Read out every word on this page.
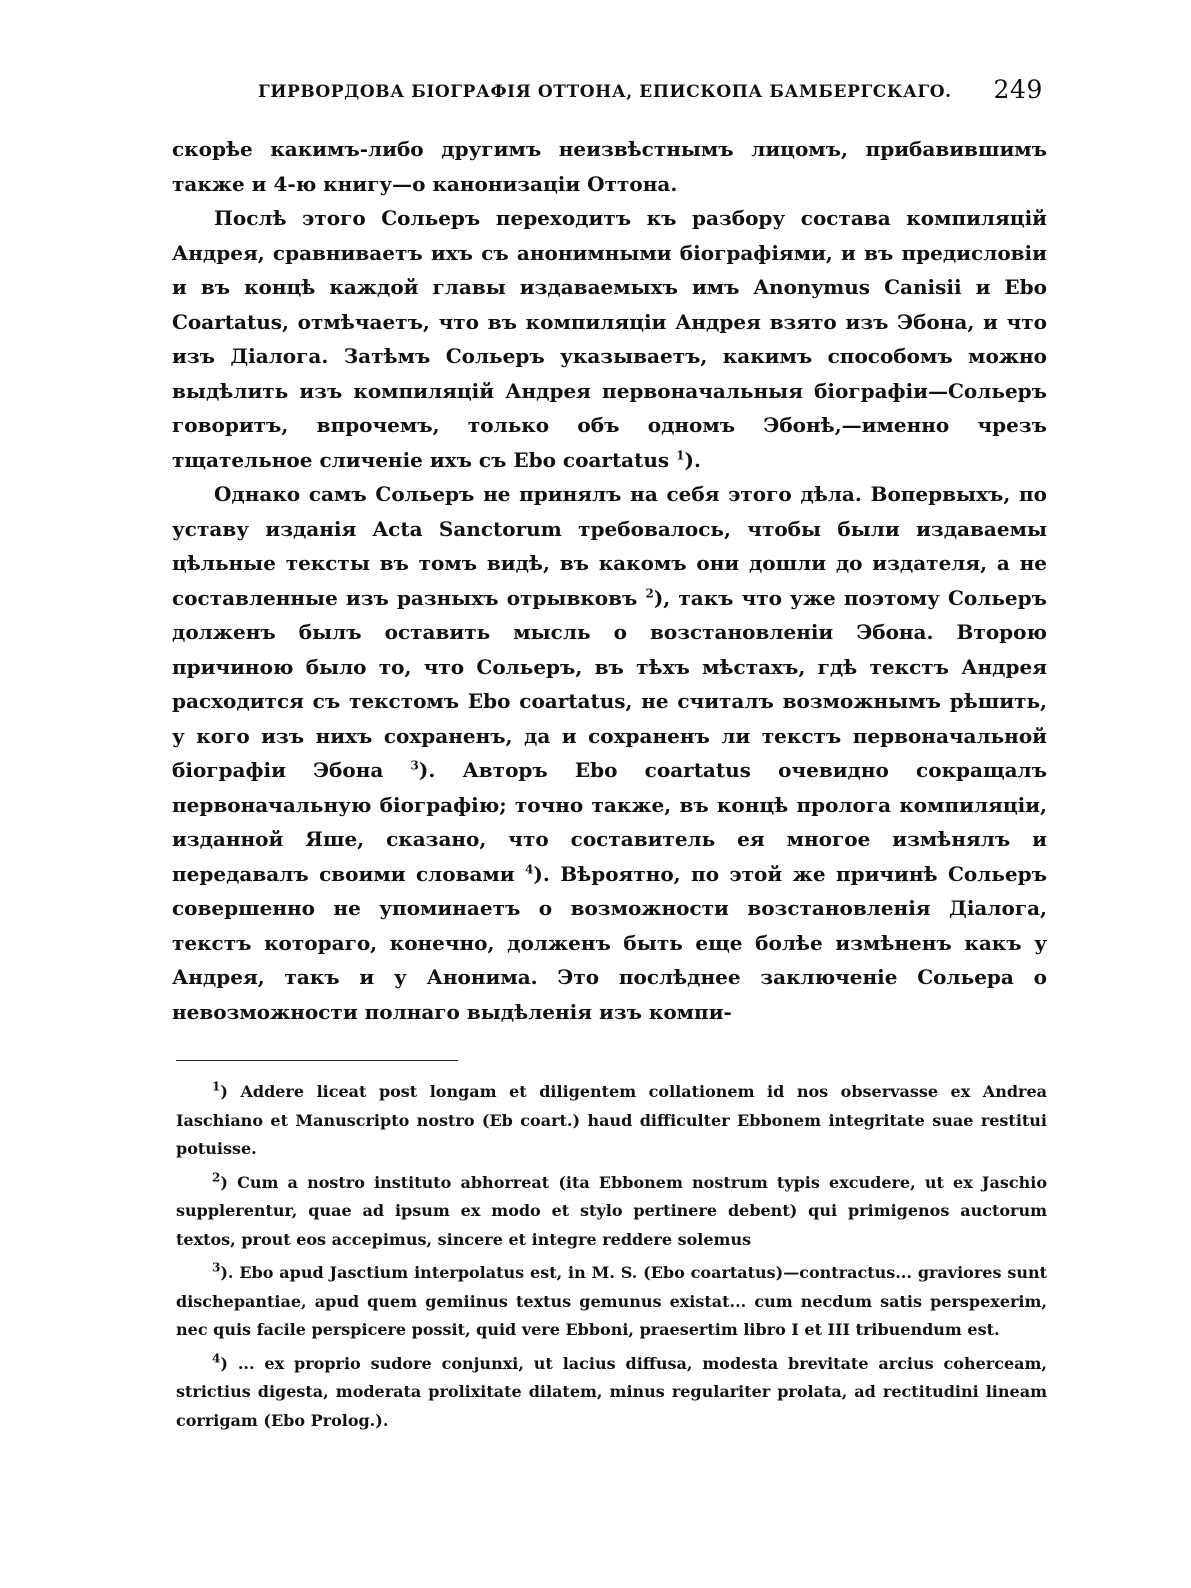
ГИРВОРДОВА БІОГРАФІЯ ОТТОНА, ЕПИСКОПА БАМБЕРГСКАГО. 249

скорѣе какимъ-либо другимъ неизвѣстнымъ лицомъ, прибавившимъ также и 4-ю книгу—о канонизаціи Оттона.

Послѣ этого Сольеръ переходитъ къ разбору состава компиляцій Андрея, сравниваетъ ихъ съ анонимными біографіями, и въ предисловіи и въ концѣ каждой главы издаваемыхъ имъ Anonymus Canisii и Ebo Coartatus, отмѣчаетъ, что въ компиляціи Андрея взято изъ Эбона, и что изъ Діалога. Затѣмъ Сольеръ указываетъ, какимъ способомъ можно выдѣлить изъ компиляцій Андрея первоначальныя біографіи—Сольеръ говоритъ, впрочемъ, только объ одномъ Эбонѣ,—именно чрезъ тщательное сличеніе ихъ съ Ebo coartatus $^1$).

Однако самъ Сольеръ не принялъ на себя этого дѣла. Вопервыхъ, по уставу изданія Acta Sanctorum требовалось, чтобы были издаваемы цѣльные тексты въ томъ видѣ, въ какомъ они дошли до издателя, а не составленные изъ разныхъ отрывковъ $^2$), такъ что уже поэтому Сольеръ долженъ былъ оставить мысль о возстановленіи Эбона. Второю причиною было то, что Сольеръ, въ тѣхъ мѣстахъ, гдѣ текстъ Андрея расходится съ текстомъ Ebo coartatus, не считалъ возможнымъ рѣшить, у кого изъ нихъ сохраненъ, да и сохраненъ ли текстъ первоначальной біографіи Эбона $^3$). Авторъ Ebo coartatus очевидно сокращалъ первоначальную біографію; точно также, въ концѣ пролога компиляціи, изданной Яше, сказано, что составитель ея многое измѣнялъ и передавалъ своими словами $^4$). Вѣроятно, по этой же причинѣ Сольеръ совершенно не упоминаетъ о возможности возстановленія Діалога, текстъ котораго, конечно, долженъ быть еще болѣе измѣненъ какъ у Андрея, такъ и у Анонима. Это послѣднее заключеніе Сольера о невозможности полнаго выдѣленія изъ компи-

$^1$) Addere liceat post longam et diligentem collationem id nos observasse ex Andrea Iaschiano et Manuscripto nostro (Eb coart.) haud difficulter Ebbonem integritatе suae restitui potuisse.

$^2$) Cum a nostro instituto abhorreat (ita Ebbonem nostrum typis excudere, ut ex Jaschio supplerentur, quae ad ipsum ex modo et stylo pertinere debent) qui primigenos auctorum textos, prout eos accepimus, sincere et integre reddere solemus

$^3$). Ebo apud Jasctium interpolatus est, in M. S. (Ebo coartatus)—contractus... graviores sunt dischepantiae, apud quem gemiinus textus gemunus existat... cum necdum satis perspexerim, nec quis facile perspicere possit, quid vere Ebboni, praesertim libro I et III tribuendum est.

$^4$) ... ex proprio sudore conjunxi, ut lacius diffusa, modesta brevitate arcius cohercеam, strictius digesta, moderata prolixitate dilatem, minus regulariter prolata, ad rectitudini lineam corrigam (Ebo Prolog.).
